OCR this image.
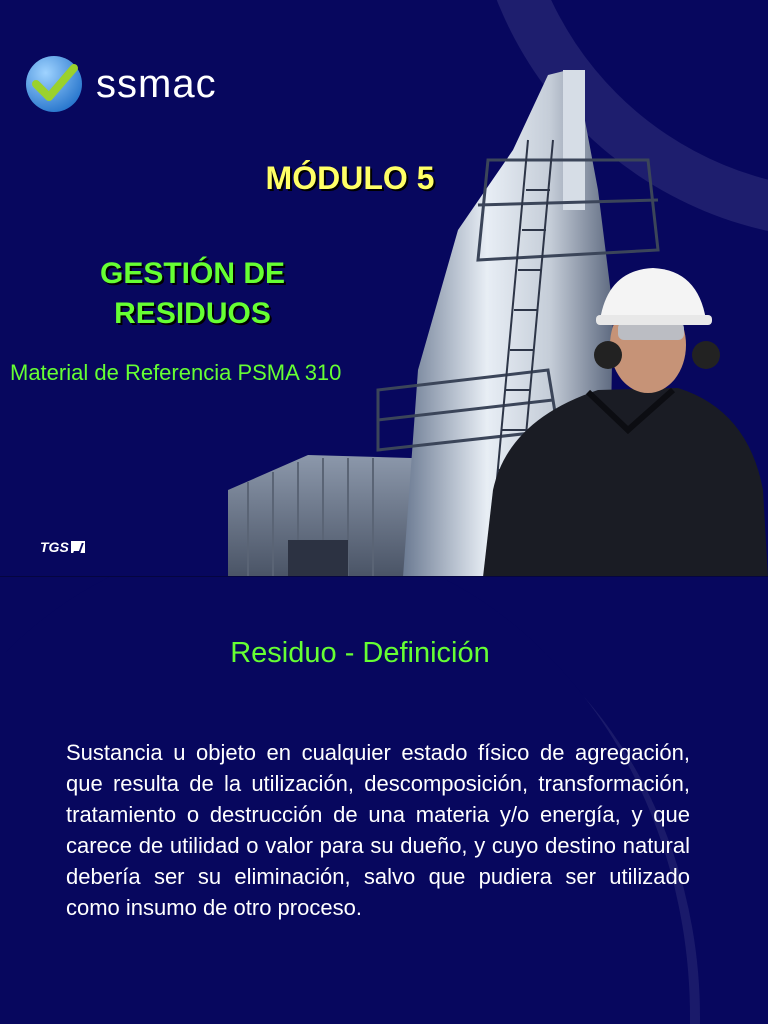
ssmac
MÓDULO 5
GESTIÓN DE RESIDUOS
Material de Referencia PSMA 310
TGS
Residuo - Definición
Sustancia u objeto en cualquier estado físico de agregación, que resulta de la utilización, descomposición, transformación, tratamiento o destrucción de una materia y/o energía, y que carece de utilidad o valor para su dueño, y cuyo destino natural debería ser su eliminación, salvo que pudiera ser utilizado como insumo de otro proceso.
